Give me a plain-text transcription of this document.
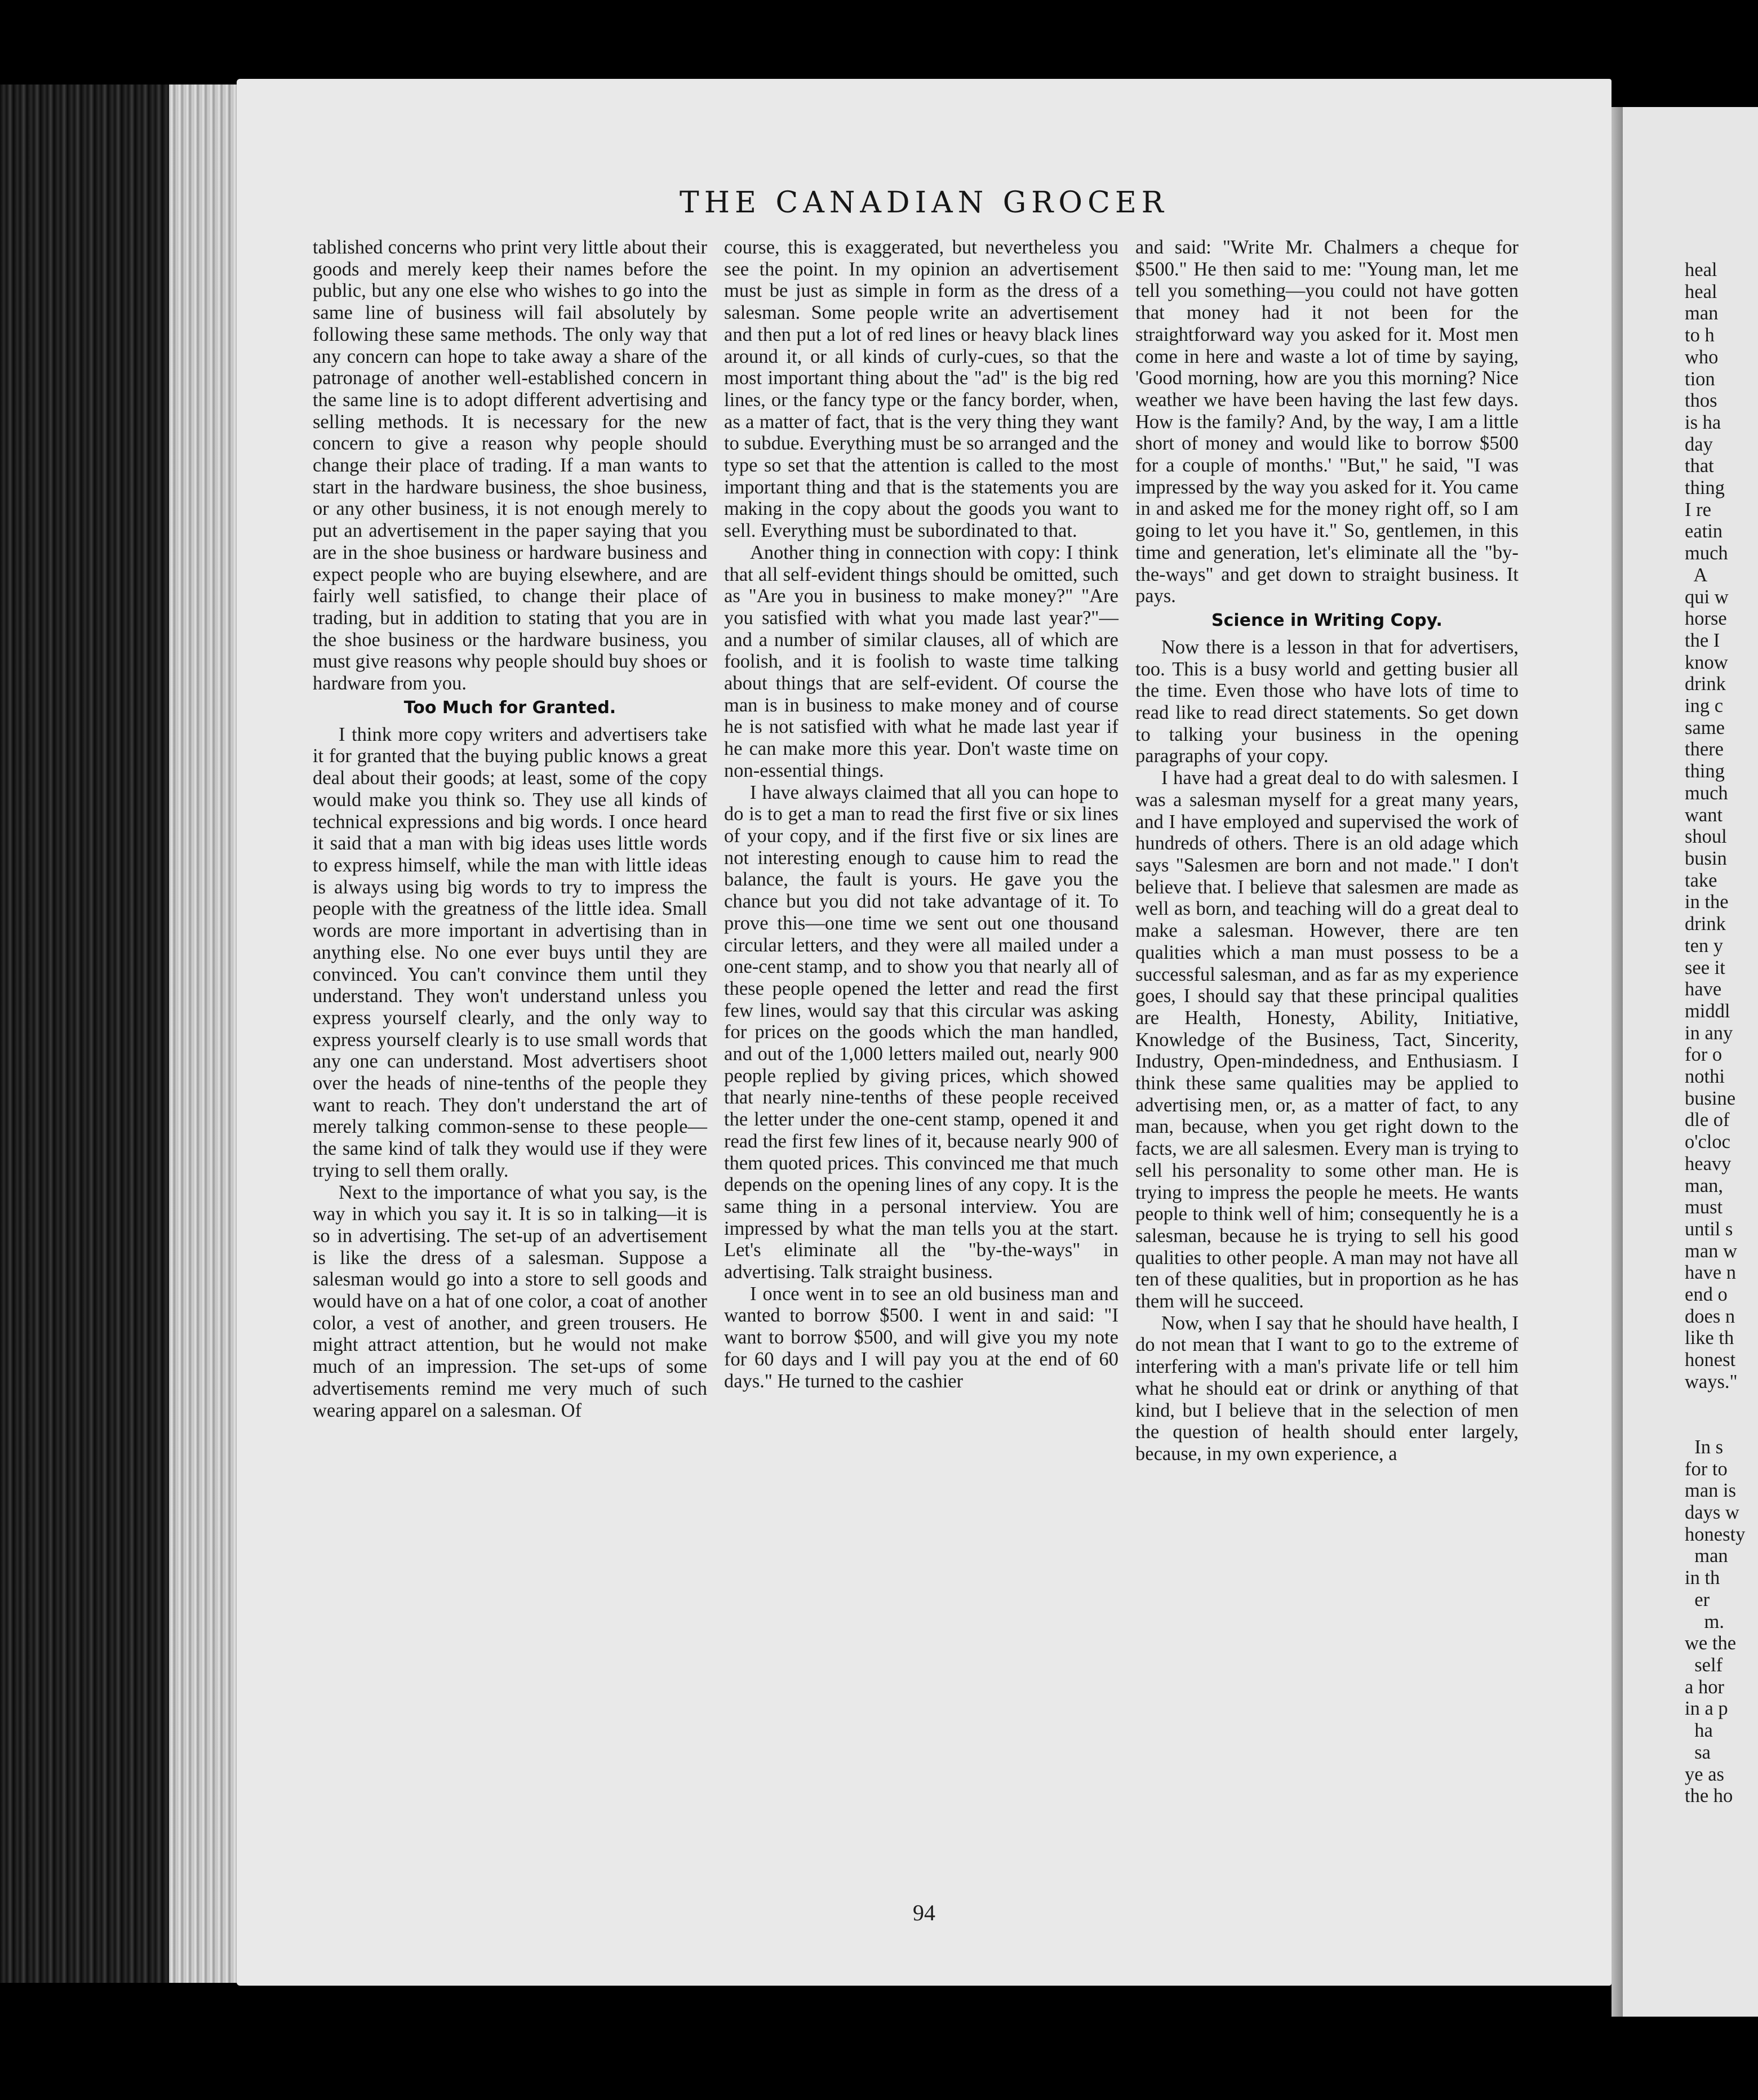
THE CANADIAN GROCER

tablished concerns who print very little about their goods and merely keep their names before the public, but any one else who wishes to go into the same line of business will fail absolutely by following these same methods. The only way that any concern can hope to take away a share of the patronage of another well-established concern in the same line is to adopt different advertising and selling methods. It is necessary for the new concern to give a reason why people should change their place of trading. If a man wants to start in the hardware business, the shoe business, or any other business, it is not enough merely to put an advertisement in the paper saying that you are in the shoe business or hardware business and expect people who are buying elsewhere, and are fairly well satisfied, to change their place of trading, but in addition to stating that you are in the shoe business or the hardware business, you must give reasons why people should buy shoes or hardware from you.

Too Much for Granted.

I think more copy writers and advertisers take it for granted that the buying public knows a great deal about their goods; at least, some of the copy would make you think so. They use all kinds of technical expressions and big words. I once heard it said that a man with big ideas uses little words to express himself, while the man with little ideas is always using big words to try to impress the people with the greatness of the little idea. Small words are more important in advertising than in anything else. No one ever buys until they are convinced. You can't convince them until they understand. They won't understand unless you express yourself clearly, and the only way to express yourself clearly is to use small words that any one can understand. Most advertisers shoot over the heads of nine-tenths of the people they want to reach. They don't understand the art of merely talking common-sense to these people—the same kind of talk they would use if they were trying to sell them orally.

Next to the importance of what you say, is the way in which you say it. It is so in talking—it is so in advertising. The set-up of an advertisement is like the dress of a salesman. Suppose a salesman would go into a store to sell goods and would have on a hat of one color, a coat of another color, a vest of another, and green trousers. He might attract attention, but he would not make much of an impression. The set-ups of some advertisements remind me very much of such wearing apparel on a salesman. Of

course, this is exaggerated, but nevertheless you see the point. In my opinion an advertisement must be just as simple in form as the dress of a salesman. Some people write an advertisement and then put a lot of red lines or heavy black lines around it, or all kinds of curly-cues, so that the most important thing about the "ad" is the big red lines, or the fancy type or the fancy border, when, as a matter of fact, that is the very thing they want to subdue. Everything must be so arranged and the type so set that the attention is called to the most important thing and that is the statements you are making in the copy about the goods you want to sell. Everything must be subordinated to that.

Another thing in connection with copy: I think that all self-evident things should be omitted, such as "Are you in business to make money?" "Are you satisfied with what you made last year?"—and a number of similar clauses, all of which are foolish, and it is foolish to waste time talking about things that are self-evident. Of course the man is in business to make money and of course he is not satisfied with what he made last year if he can make more this year. Don't waste time on non-essential things.

I have always claimed that all you can hope to do is to get a man to read the first five or six lines of your copy, and if the first five or six lines are not interesting enough to cause him to read the balance, the fault is yours. He gave you the chance but you did not take advantage of it. To prove this—one time we sent out one thousand circular letters, and they were all mailed under a one-cent stamp, and to show you that nearly all of these people opened the letter and read the first few lines, would say that this circular was asking for prices on the goods which the man handled, and out of the 1,000 letters mailed out, nearly 900 people replied by giving prices, which showed that nearly nine-tenths of these people received the letter under the one-cent stamp, opened it and read the first few lines of it, because nearly 900 of them quoted prices. This convinced me that much depends on the opening lines of any copy. It is the same thing in a personal interview. You are impressed by what the man tells you at the start. Let's eliminate all the "by-the-ways" in advertising. Talk straight business.

I once went in to see an old business man and wanted to borrow $500. I went in and said: "I want to borrow $500, and will give you my note for 60 days and I will pay you at the end of 60 days." He turned to the cashier

and said: "Write Mr. Chalmers a cheque for $500." He then said to me: "Young man, let me tell you something—you could not have gotten that money had it not been for the straightforward way you asked for it. Most men come in here and waste a lot of time by saying, 'Good morning, how are you this morning? Nice weather we have been having the last few days. How is the family? And, by the way, I am a little short of money and would like to borrow $500 for a couple of months.' "But," he said, "I was impressed by the way you asked for it. You came in and asked me for the money right off, so I am going to let you have it." So, gentlemen, in this time and generation, let's eliminate all the "by-the-ways" and get down to straight business. It pays.

Science in Writing Copy.

Now there is a lesson in that for advertisers, too. This is a busy world and getting busier all the time. Even those who have lots of time to read like to read direct statements. So get down to talking your business in the opening paragraphs of your copy.

I have had a great deal to do with salesmen. I was a salesman myself for a great many years, and I have employed and supervised the work of hundreds of others. There is an old adage which says "Salesmen are born and not made." I don't believe that. I believe that salesmen are made as well as born, and teaching will do a great deal to make a salesman. However, there are ten qualities which a man must possess to be a successful salesman, and as far as my experience goes, I should say that these principal qualities are Health, Honesty, Ability, Initiative, Knowledge of the Business, Tact, Sincerity, Industry, Open-mindedness, and Enthusiasm. I think these same qualities may be applied to advertising men, or, as a matter of fact, to any man, because, when you get right down to the facts, we are all salesmen. Every man is trying to sell his personality to some other man. He is trying to impress the people he meets. He wants people to think well of him; consequently he is a salesman, because he is trying to sell his good qualities to other people. A man may not have all ten of these qualities, but in proportion as he has them will he succeed.

Now, when I say that he should have health, I do not mean that I want to go to the extreme of interfering with a man's private life or tell him what he should eat or drink or anything of that kind, but I believe that in the selection of men the question of health should enter largely, because, in my own experience, a

94
heal
heal
man
to h
who
tion
thos
is ha
day
that
thing
I re
eatin
much
A
qui w
horse
the I
know
drink
ing c
same
there
thing
much
want
shoul
busin
take
in the
drink
ten y
see it
have
middl
in any
for o
nothi
busine
dle of
o'cloc
heavy
man,
must
until s
man w
have n
end o
does n
like th
honest
ways."

In s
for to
man is
days w
honesty
man
in th
er
m.
we the
self
a hor
in a p
ha
sa
ye as
the ho
